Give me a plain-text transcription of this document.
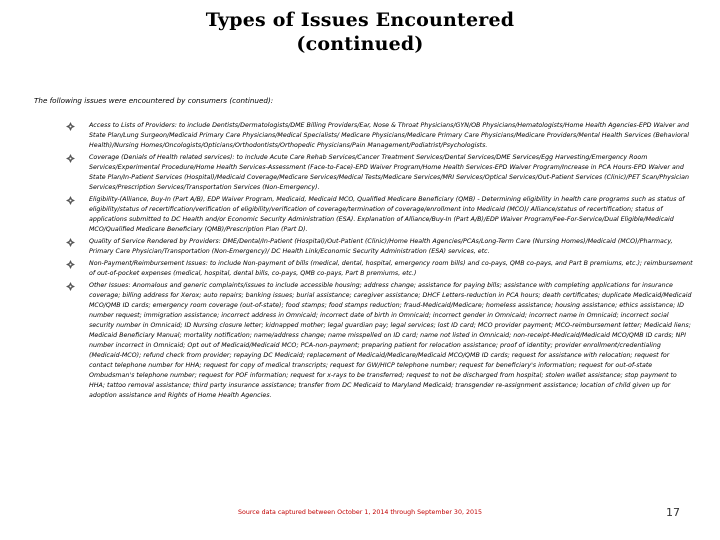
Types of Issues Encountered
(continued)
The following issues were encountered by consumers (continued):
Access to Lists of Providers: to include Dentists/Dermatologists/DME Billing Providers/Ear, Nose & Throat Physicians/GYN/OB Physicians/Hematologists/Home Health Agencies-EPD Waiver and State Plan/Lung Surgeon/Medicaid Primary Care Physicians/Medical Specialists/ Medicare Physicians/Medicare Primary Care Physicians/Medicare Providers/Mental Health Services (Behavioral Health)/Nursing Homes/Oncologists/Opticians/Orthodontists/Orthopedic Physicians/Pain Management/Podiatrist/Psychologists.
Coverage (Denials of Health related services): to include Acute Care Rehab Services/Cancer Treatment Services/Dental Services/DME Services/Egg Harvesting/Emergency Room Services/Experimental Procedure/Home Health Services-Assessment (Face-to-Face)-EPD Waiver Program/Home Health Services-EPD Waiver Program/Increase in PCA Hours-EPD Waiver and State Plan/In-Patient Services (Hospital)/Medicaid Coverage/Medicare Services/Medical Tests/Medicare Services/MRI Services/Optical Services/Out-Patient Services (Clinic)/PET Scan/Physician Services/Prescription Services/Transportation Services (Non-Emergency).
Eligibility-(Alliance, Buy-In (Part A/B), EDP Waiver Program, Medicaid, Medicaid MCO, Qualified Medicare Beneficiary (QMB) - Determining eligibility in health care programs such as status of eligibility/status of recertification/verification of eligibility/verification of coverage/termination of coverage/enrollment into Medicaid (MCO)/ Alliance/status of recertification; status of applications submitted to DC Health and/or Economic Security Administration (ESA). Explanation of Alliance/Buy-In (Part A/B)/EDP Waiver Program/Fee-For-Service/Dual Eligible/Medicaid MCO/Qualified Medicare Beneficiary (QMB)/Prescription Plan (Part D).
Quality of Service Rendered by Providers: DME/Dental/In-Patient (Hospital)/Out-Patient (Clinic)/Home Health Agencies/PCAs/Long-Term Care (Nursing Homes)/Medicaid (MCO)/Pharmacy, Primary Care Physician/Transportation (Non-Emergency)/ DC Health Link/Economic Security Administration (ESA) services, etc.
Non-Payment/Reimbursement Issues: to include Non-payment of bills (medical, dental, hospital, emergency room bills) and co-pays, QMB co-pays, and Part B premiums, etc.); reimbursement of out-of-pocket expenses (medical, hospital, dental bills, co-pays, QMB co-pays, Part B premiums, etc.)
Other Issues: Anomalous and generic complaints/issues to include accessible housing; address change; assistance for paying bills; assistance with completing applications for insurance coverage; billing address for Xerox; auto repairs; banking issues; burial assistance; caregiver assistance; DHCF Letters-reduction in PCA hours; death certificates; duplicate Medicaid/Medicaid MCO/QMB ID cards; emergency room coverage (out-of-state); food stamps; food stamps reduction; fraud-Medicaid/Medicare; homeless assistance; housing assistance; ethics assistance; ID number request; immigration assistance; incorrect address in Omnicaid; incorrect date of birth in Omnicaid; incorrect gender in Omnicaid; incorrect name in Omnicaid; incorrect social security number in Omnicaid; ID Nursing closure letter; kidnapped mother; legal guardian pay; legal services; lost ID card; MCO provider payment; MCO-reimbursement letter; Medicaid liens; Medicaid Beneficiary Manual; mortality notification; name/address change; name misspelled on ID card; name not listed in Omnicaid; non-receipt-Medicaid/Medicaid MCO/QMB ID cards; NPI number incorrect in Omnicaid; Opt out of Medicaid/Medicaid MCO; PCA-non-payment; preparing patient for relocation assistance; proof of identity; provider enrollment/credentialing (Medicaid-MCO); refund check from provider; repaying DC Medicaid; replacement of Medicaid/Medicare/Medicaid MCO/QMB ID cards; request for assistance with relocation; request for contact telephone number for HHA; request for copy of medical transcripts; request for GW/HICP telephone number; request for beneficiary's information; request for out-of-state Ombudsman's telephone number; request for POF information; request for x-rays to be transferred; request to not be discharged from hospital; stolen wallet assistance; stop payment to HHA; tattoo removal assistance; third party insurance assistance; transfer from DC Medicaid to Maryland Medicaid; transgender re-assignment assistance; location of child given up for adoption assistance and Rights of Home Health Agencies.
Source data captured between October 1, 2014 through September 30, 2015	17
